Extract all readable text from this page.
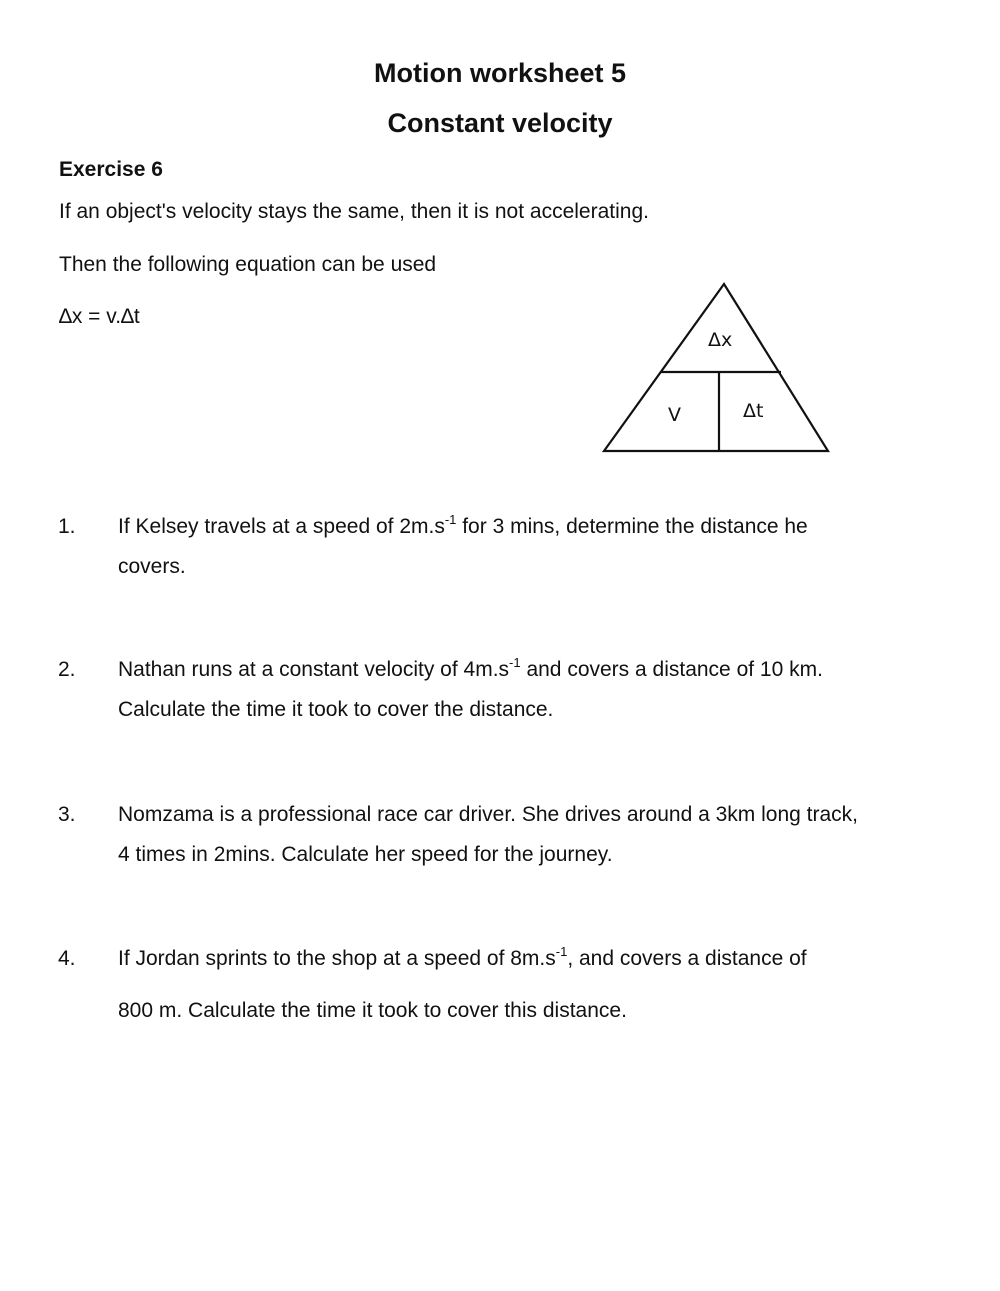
Motion worksheet 5
Constant velocity
Exercise 6
If an object's velocity stays the same, then it is not accelerating.
Then the following equation can be used
∆x = v.∆t
Δx
V	Δt
1. If Kelsey travels at a speed of $2m.s^{-1}$ for 3 mins, determine the distance he
covers.
2. Nathan runs at a constant velocity of $4m.s^{-1}$ and covers a distance of 10 km.
Calculate the time it took to cover the distance.
3. Nomzama is a professional race car driver. She drives around a 3km long track,
4 times in 2mins. Calculate her speed for the journey.
4. If Jordan sprints to the shop at a speed of $8m.s^{-1}$, and covers a distance of
800 m. Calculate the time it took to cover this distance.
